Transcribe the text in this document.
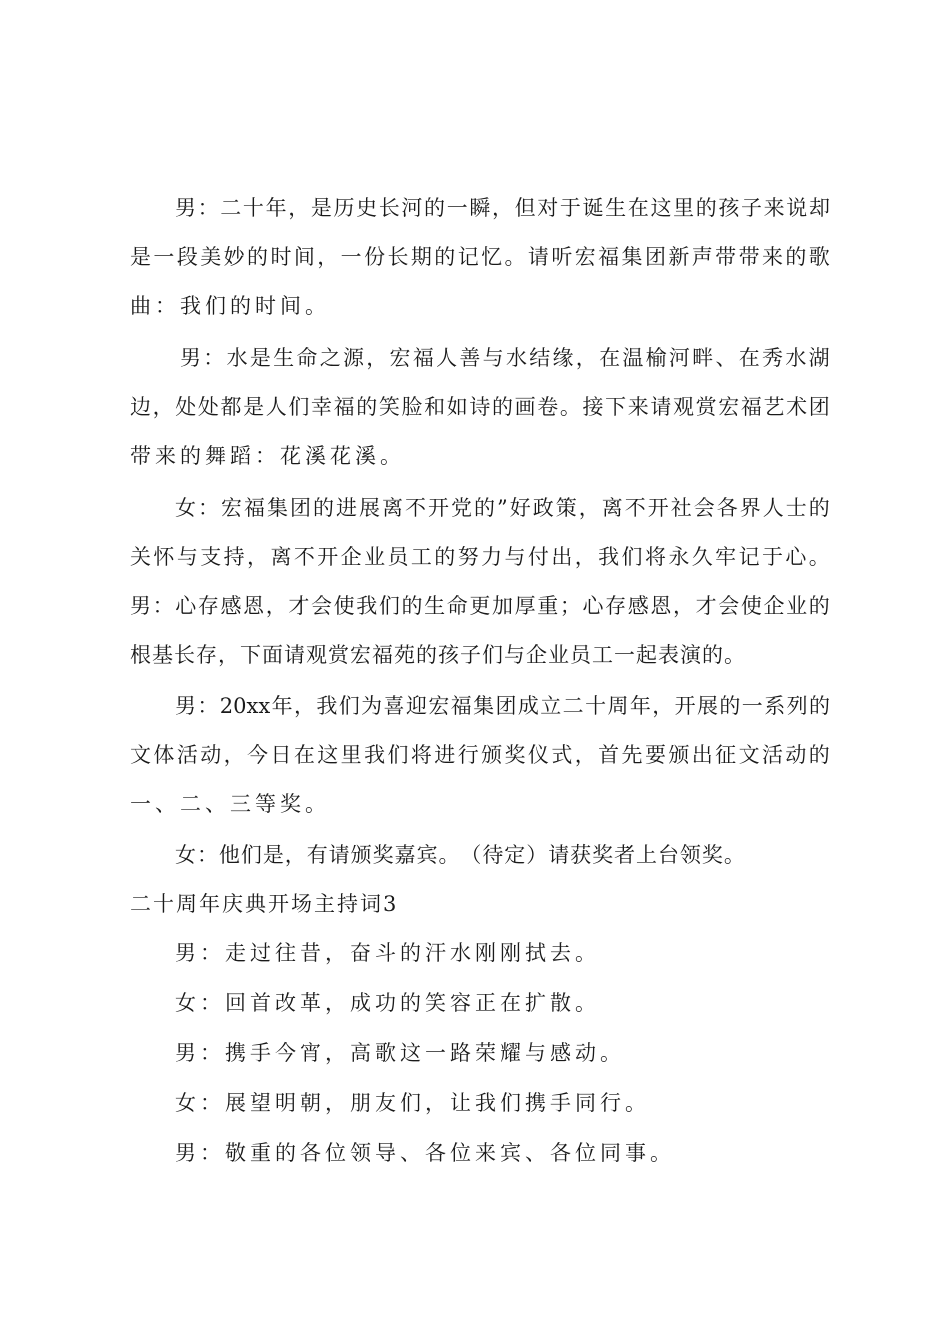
男 ： 二 十 年 ， 是 历 史 长 河 的 一 瞬 ， 但 对 于 诞 生 在 这 里 的 孩 子 来 说 却
是 一 段 美 妙 的 时 间 ， 一 份 长 期 的 记 忆 。 请 听 宏 福 集 团 新 声 带 带 来 的 歌
曲：我们的时间。
男 ： 水 是 生 命 之 源 ， 宏 福 人 善 与 水 结 缘 ， 在 温 榆 河 畔 、 在 秀 水 湖
边 ， 处 处 都 是 人 们 幸 福 的 笑 脸 和 如 诗 的 画 卷 。 接 下 来 请 观 赏 宏 福 艺 术 团
带来的舞蹈：花溪花溪。
女 ： 宏 福 集 团 的 进 展 离 不 开 党 的 ” 好 政 策 ， 离 不 开 社 会 各 界 人 士 的
关 怀 与 支 持 ， 离 不 开 企 业 员 工 的 努 力 与 付 出 ， 我 们 将 永 久 牢 记 于 心 。
男 ： 心 存 感 恩 ， 才 会 使 我 们 的 生 命 更 加 厚 重 ； 心 存 感 恩 ， 才 会 使 企 业 的
根 基 长 存 ， 下 面 请 观 赏 宏 福 苑 的 孩 子 们 与 企 业 员 工 一 起 表 演 的 。
男 ： 20xx 年 ， 我 们 为 喜 迎 宏 福 集 团 成 立 二 十 周 年 ， 开 展 的 一 系 列 的
文 体 活 动 ， 今 日 在 这 里 我 们 将 进 行 颁 奖 仪 式 ， 首 先 要 颁 出 征 文 活 动 的
一、二、三等奖。
女 ： 他 们 是 ， 有 请 颁 奖 嘉 宾 。 （ 待 定 ） 请 获 奖 者 上 台 领 奖 。
二十周年庆典开场主持词3
男：走过往昔，奋斗的汗水刚刚拭去。
女：回首改革，成功的笑容正在扩散。
男：携手今宵，高歌这一路荣耀与感动。
女：展望明朝，朋友们，让我们携手同行。
男：敬重的各位领导、各位来宾、各位同事。
